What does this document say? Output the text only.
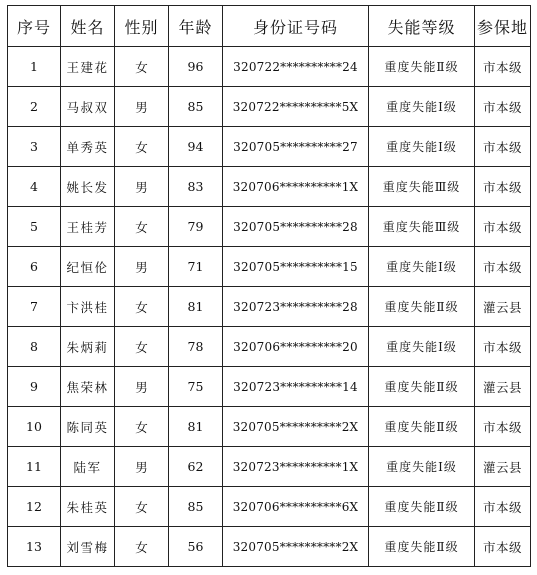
序号	姓名	性别	年龄	身份证号码	失能等级	参保地
1	王建花	女	96	320722**********24	重度失能Ⅱ级	市本级
2	马叔双	男	85	320722**********5X	重度失能Ⅰ级	市本级
3	单秀英	女	94	320705**********27	重度失能Ⅰ级	市本级
4	姚长发	男	83	320706**********1X	重度失能Ⅲ级	市本级
5	王桂芳	女	79	320705**********28	重度失能Ⅲ级	市本级
6	纪恒伦	男	71	320705**********15	重度失能Ⅰ级	市本级
7	卞洪桂	女	81	320723**********28	重度失能Ⅱ级	灌云县
8	朱炳莉	女	78	320706**********20	重度失能Ⅰ级	市本级
9	焦荣林	男	75	320723**********14	重度失能Ⅱ级	灌云县
10	陈同英	女	81	320705**********2X	重度失能Ⅱ级	市本级
11	陆军	男	62	320723**********1X	重度失能Ⅰ级	灌云县
12	朱桂英	女	85	320706**********6X	重度失能Ⅱ级	市本级
13	刘雪梅	女	56	320705**********2X	重度失能Ⅱ级	市本级
